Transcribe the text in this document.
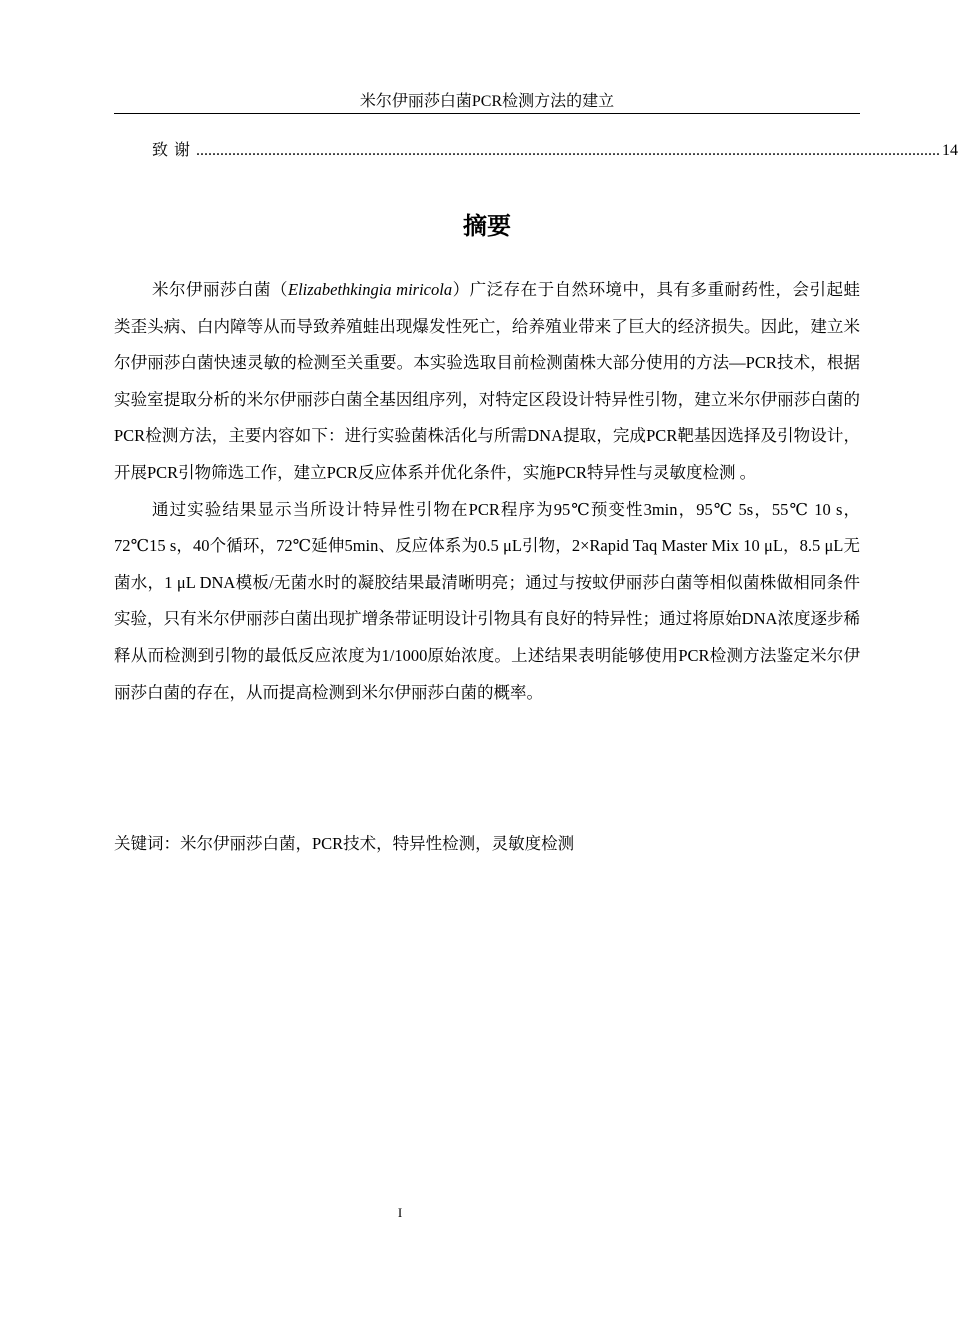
米尔伊丽莎白菌PCR检测方法的建立
致谢 .......................................................................................................................................................................................... 14
摘要

米尔伊丽莎白菌（Elizabethkingia miricola）广泛存在于自然环境中，具有多重耐药性，会引起蛙类歪头病、白内障等从而导致养殖蛙出现爆发性死亡，给养殖业带来了巨大的经济损失。因此，建立米尔伊丽莎白菌快速灵敏的检测至关重要。本实验选取目前检测菌株大部分使用的方法—PCR技术，根据实验室提取分析的米尔伊丽莎白菌全基因组序列，对特定区段设计特异性引物，建立米尔伊丽莎白菌的PCR检测方法，主要内容如下：进行实验菌株活化与所需DNA提取，完成PCR靶基因选择及引物设计，开展PCR引物筛选工作，建立PCR反应体系并优化条件，实施PCR特异性与灵敏度检测 。

通过实验结果显示当所设计特异性引物在PCR程序为95℃预变性3min，95℃ 5s，55℃ 10 s，72℃15 s，40个循环，72℃延伸5min、反应体系为0.5 μL引物，2×Rapid Taq Master Mix 10 μL，8.5 μL无菌水，1 μL DNA模板/无菌水时的凝胶结果最清晰明亮；通过与按蚊伊丽莎白菌等相似菌株做相同条件实验，只有米尔伊丽莎白菌出现扩增条带证明设计引物具有良好的特异性；通过将原始DNA浓度逐步稀释从而检测到引物的最低反应浓度为1/1000原始浓度。上述结果表明能够使用PCR检测方法鉴定米尔伊丽莎白菌的存在，从而提高检测到米尔伊丽莎白菌的概率。

关键词：米尔伊丽莎白菌，PCR技术，特异性检测，灵敏度检测
I
